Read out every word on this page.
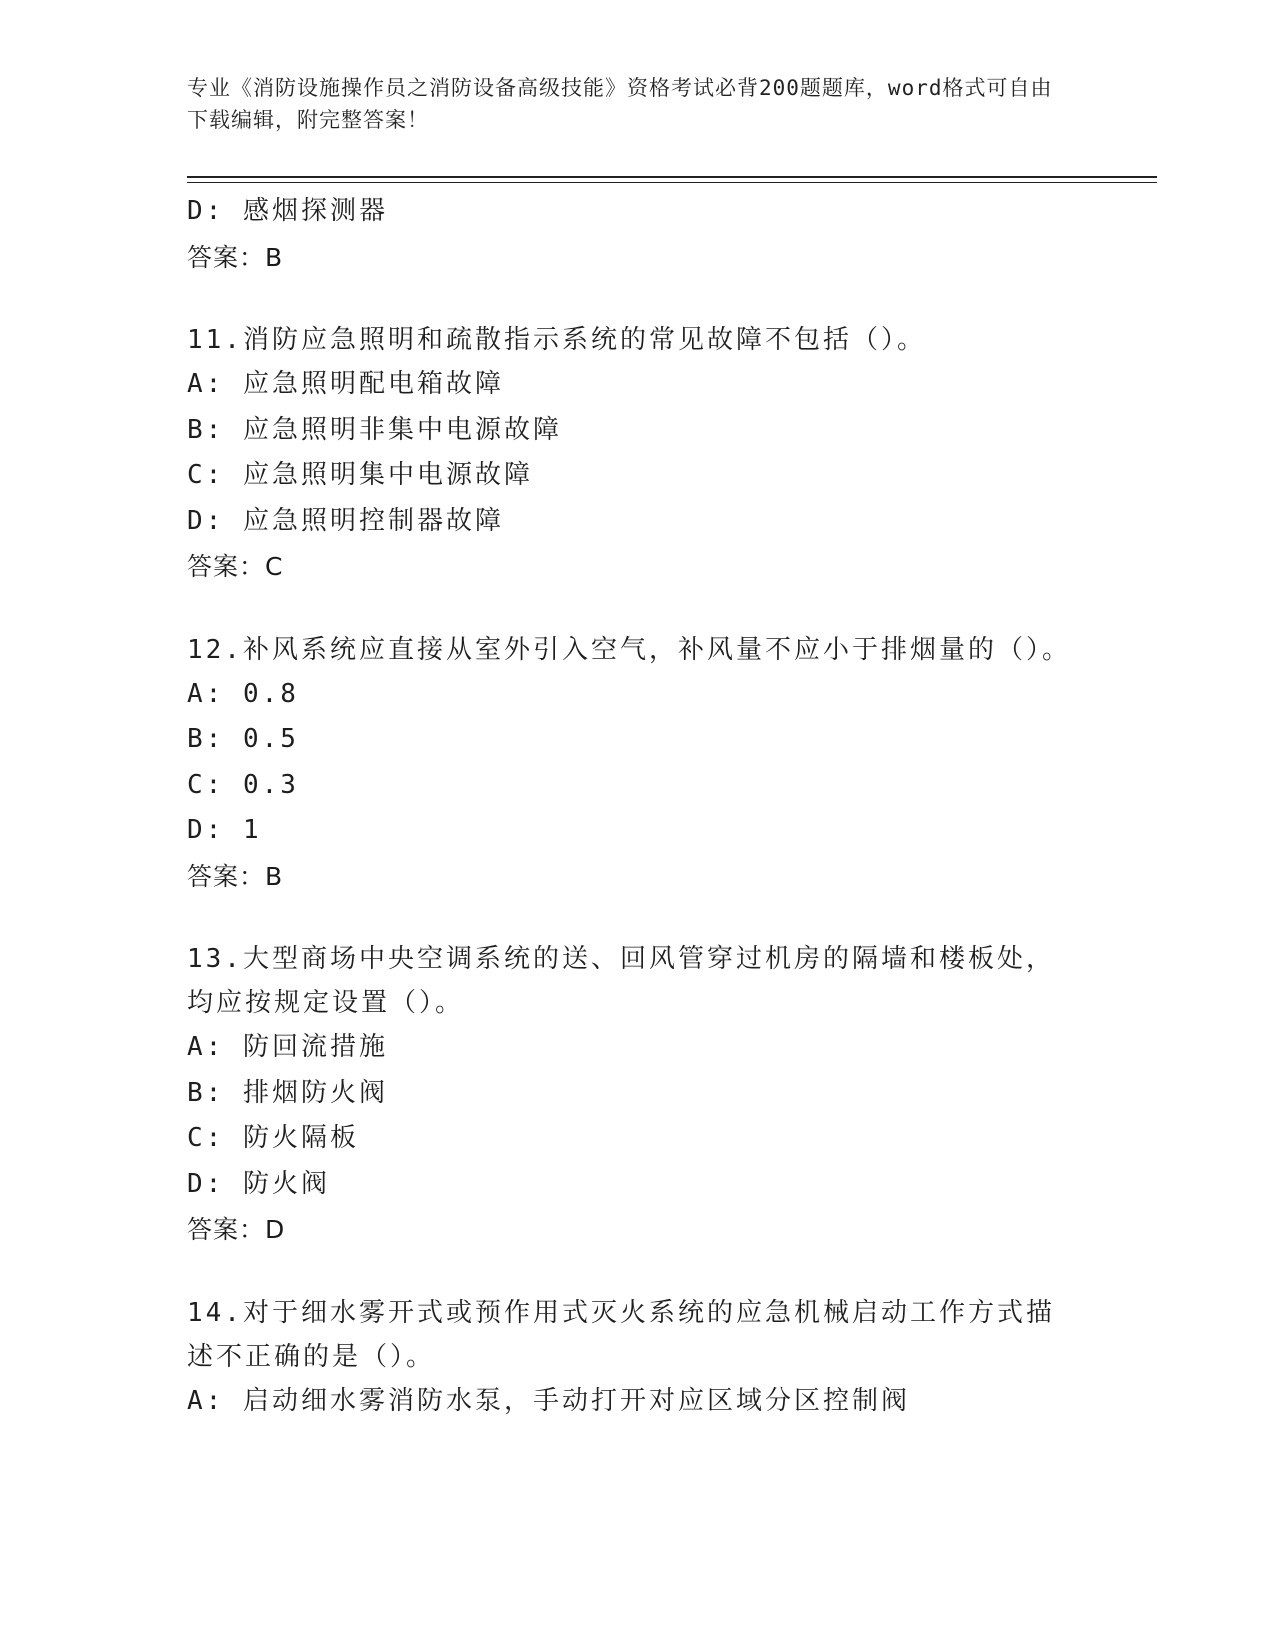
专业《消防设施操作员之消防设备高级技能》资格考试必背200题题库，word格式可自由下载编辑，附完整答案！
D: 感烟探测器
答案：B
11.消防应急照明和疏散指示系统的常见故障不包括（）。
A: 应急照明配电箱故障
B: 应急照明非集中电源故障
C: 应急照明集中电源故障
D: 应急照明控制器故障
答案：C
12.补风系统应直接从室外引入空气，补风量不应小于排烟量的（）。
A: 0.8
B: 0.5
C: 0.3
D: 1
答案：B
13.大型商场中央空调系统的送、回风管穿过机房的隔墙和楼板处，均应按规定设置（）。
A: 防回流措施
B: 排烟防火阀
C: 防火隔板
D: 防火阀
答案：D
14.对于细水雾开式或预作用式灭火系统的应急机械启动工作方式描述不正确的是（）。
A: 启动细水雾消防水泵，手动打开对应区域分区控制阀
